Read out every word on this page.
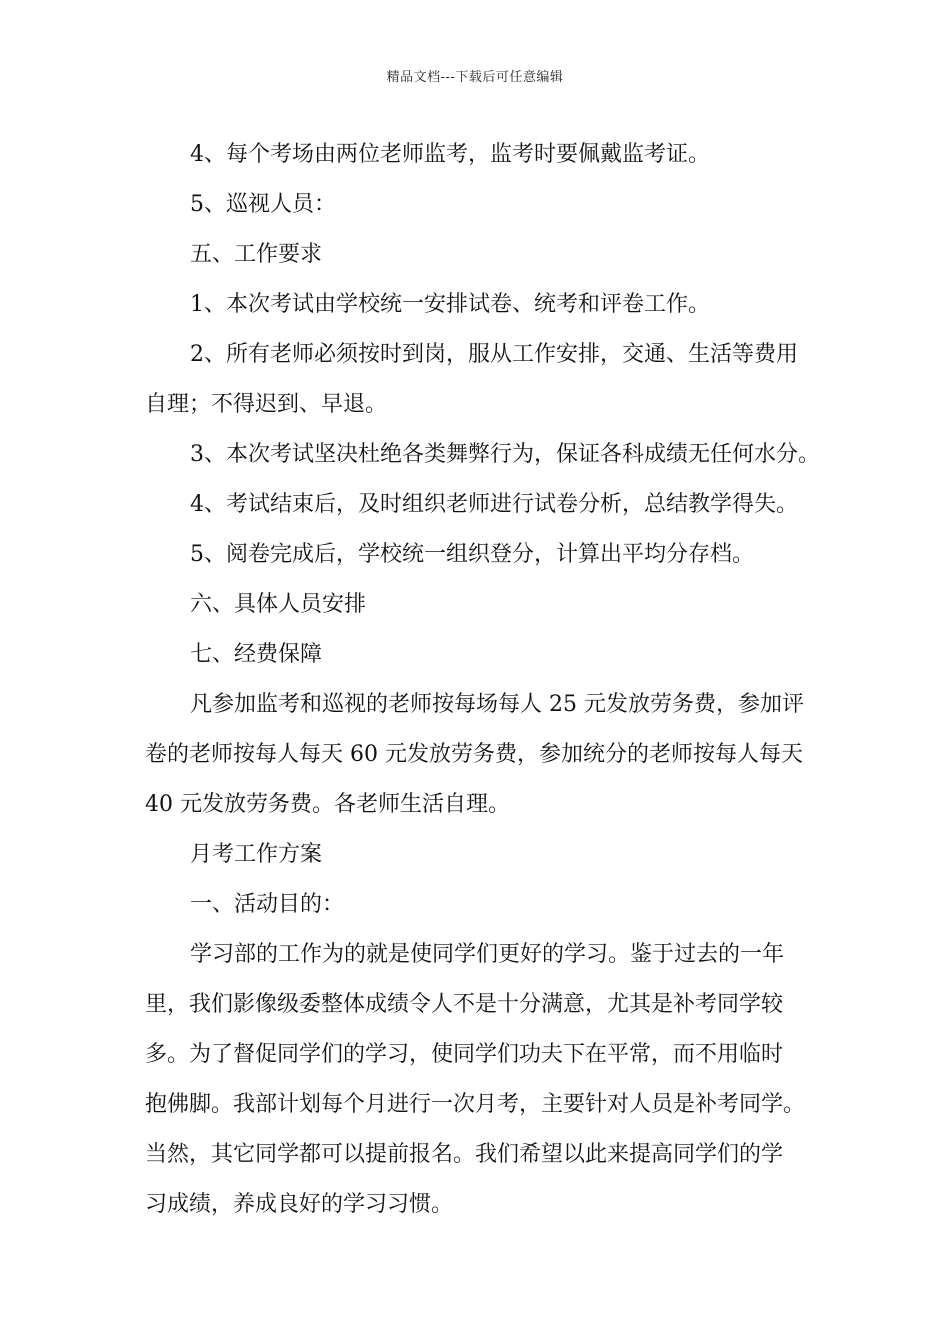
精品文档---下载后可任意编辑

4、每个考场由两位老师监考，监考时要佩戴监考证。

5、巡视人员：

五、工作要求

1、本次考试由学校统一安排试卷、统考和评卷工作。

2、所有老师必须按时到岗，服从工作安排，交通、生活等费用

自理；不得迟到、早退。

3、本次考试坚决杜绝各类舞弊行为，保证各科成绩无任何水分。

4、考试结束后，及时组织老师进行试卷分析，总结教学得失。

5、阅卷完成后，学校统一组织登分，计算出平均分存档。

六、具体人员安排

七、经费保障

凡参加监考和巡视的老师按每场每人 25 元发放劳务费，参加评

卷的老师按每人每天 60 元发放劳务费，参加统分的老师按每人每天

40 元发放劳务费。各老师生活自理。

月考工作方案

一、活动目的：

学习部的工作为的就是使同学们更好的学习。鉴于过去的一年

里，我们影像级委整体成绩令人不是十分满意，尤其是补考同学较

多。为了督促同学们的学习，使同学们功夫下在平常，而不用临时

抱佛脚。我部计划每个月进行一次月考，主要针对人员是补考同学。

当然，其它同学都可以提前报名。我们希望以此来提高同学们的学

习成绩，养成良好的学习习惯。
